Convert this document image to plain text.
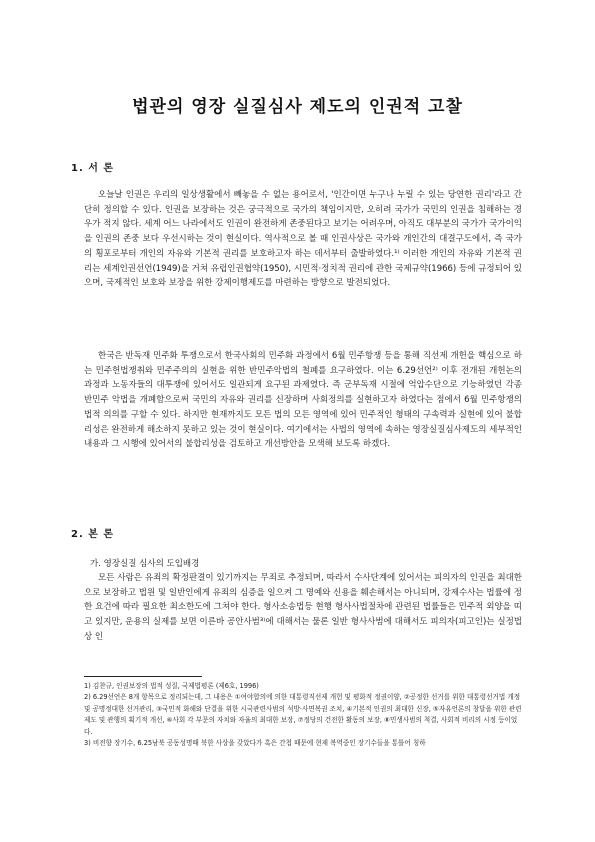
법관의 영장 실질심사 제도의 인권적 고찰
1. 서 론

오늘날 인권은 우리의 일상생활에서 빼놓을 수 없는 용어로서, '인간이면 누구나 누릴 수 있는 당연한 권리'라고 간단히 정의할 수 있다. 인권을 보장하는 것은 궁극적으로 국가의 책임이지만, 오히려 국가가 국민의 인권을 침해하는 경우가 적지 않다. 세계 어느 나라에서도 인권이 완전하게 존중된다고 보기는 어려우며, 아직도 대부분의 국가가 국가이익을 인권의 존중 보다 우선시하는 것이 현실이다. 역사적으로 볼 때 인권사상은 국가와 개인간의 대결구도에서, 즉 국가의 횡포로부터 개인의 자유와 기본적 권리를 보호하고자 하는 데서부터 출발하였다.¹⁾ 이러한 개인의 자유와 기본적 권리는 세계인권선언(1949)을 거쳐 유럽인권협약(1950), 시민적·정치적 권리에 관한 국제규약(1966) 등에 규정되어 있으며, 국제적인 보호와 보장을 위한 강제이행제도를 마련하는 방향으로 발전되었다.

한국은 반독재 민주화 투쟁으로서 한국사회의 민주화 과정에서 6월 민주항쟁 등을 통해 직선제 개헌을 핵심으로 하는 민주헌법쟁취와 민주주의의 실현을 위한 반민주악법의 철폐를 요구하였다. 이는 6.29선언²⁾ 이후 전개된 개헌논의 과정과 노동자들의 대투쟁에 있어서도 일관되게 요구된 과제였다. 즉 군부독재 시절에 억압수단으로 기능하였던 각종 반민주 악법을 개폐함으로써 국민의 자유와 권리를 신장하며 사회정의를 실현하고자 하였다는 점에서 6월 민주항쟁의 법적 의의를 구할 수 있다. 하지만 현재까지도 모든 법의 모든 영역에 있어 민주적인 형태의 구속력과 실현에 있어 불합리성은 완전하게 해소하지 못하고 있는 것이 현실이다. 여기에서는 사법의 영역에 속하는 영장실질심사제도의 세부적인 내용과 그 시행에 있어서의 불합리성을 검토하고 개선방안을 모색해 보도록 하겠다.

2. 본 론
가. 영장실질 심사의 도입배경

모든 사람은 유죄의 확정판결이 있기까지는 무죄로 추정되며, 따라서 수사단계에 있어서는 피의자의 인권을 최대한으로 보장하고 법원 및 일반인에게 유죄의 심증을 일으켜 그 명예와 신용을 훼손해서는 아니되며, 강제수사는 법률에 정한 요건에 따라 필요한 최소한도에 그쳐야 한다. 형사소송법등 현행 형사사법절차에 관련된 법률들은 민주적 외양을 띠고 있지만, 운용의 실제를 보면 이른바 공안사범³⁾에 대해서는 물론 일반 형사사범에 대해서도 피의자(피고인)는 실정법상 인

1) 김찬규, 인권보장의 법적 성질, 국제법평론 (제6호, 1996)

2) 6.29선언은 8개 항목으로 정리되는데, 그 내용은 ①여야합의에 의한 대통령직선제 개헌 및 평화적 정권이양, ②공정한 선거를 위한 대통령선거법 개정 및 공명정대한 선거관리, ③국민적 화해와 단결을 위한 시국관련사범의 석방·사면복권 조치, ④기본적 인권의 최대한 신장, ⑤자유언론의 창달을 위한 관련제도 및 관행의 획기적 개선, ⑥사회 각 부문의 자치와 자율의 최대한 보장, ⑦정당의 건전한 활동의 보장, ⑧민생사범의 척결, 사회적 비리의 시정 등이었다.

3) 비전향 장기수, 6.25남북 공동성명때 북한 사상을 갖았다가 혹은 간첩 때문에 현재 복역중인 장기수들을 통틀어 칭하
